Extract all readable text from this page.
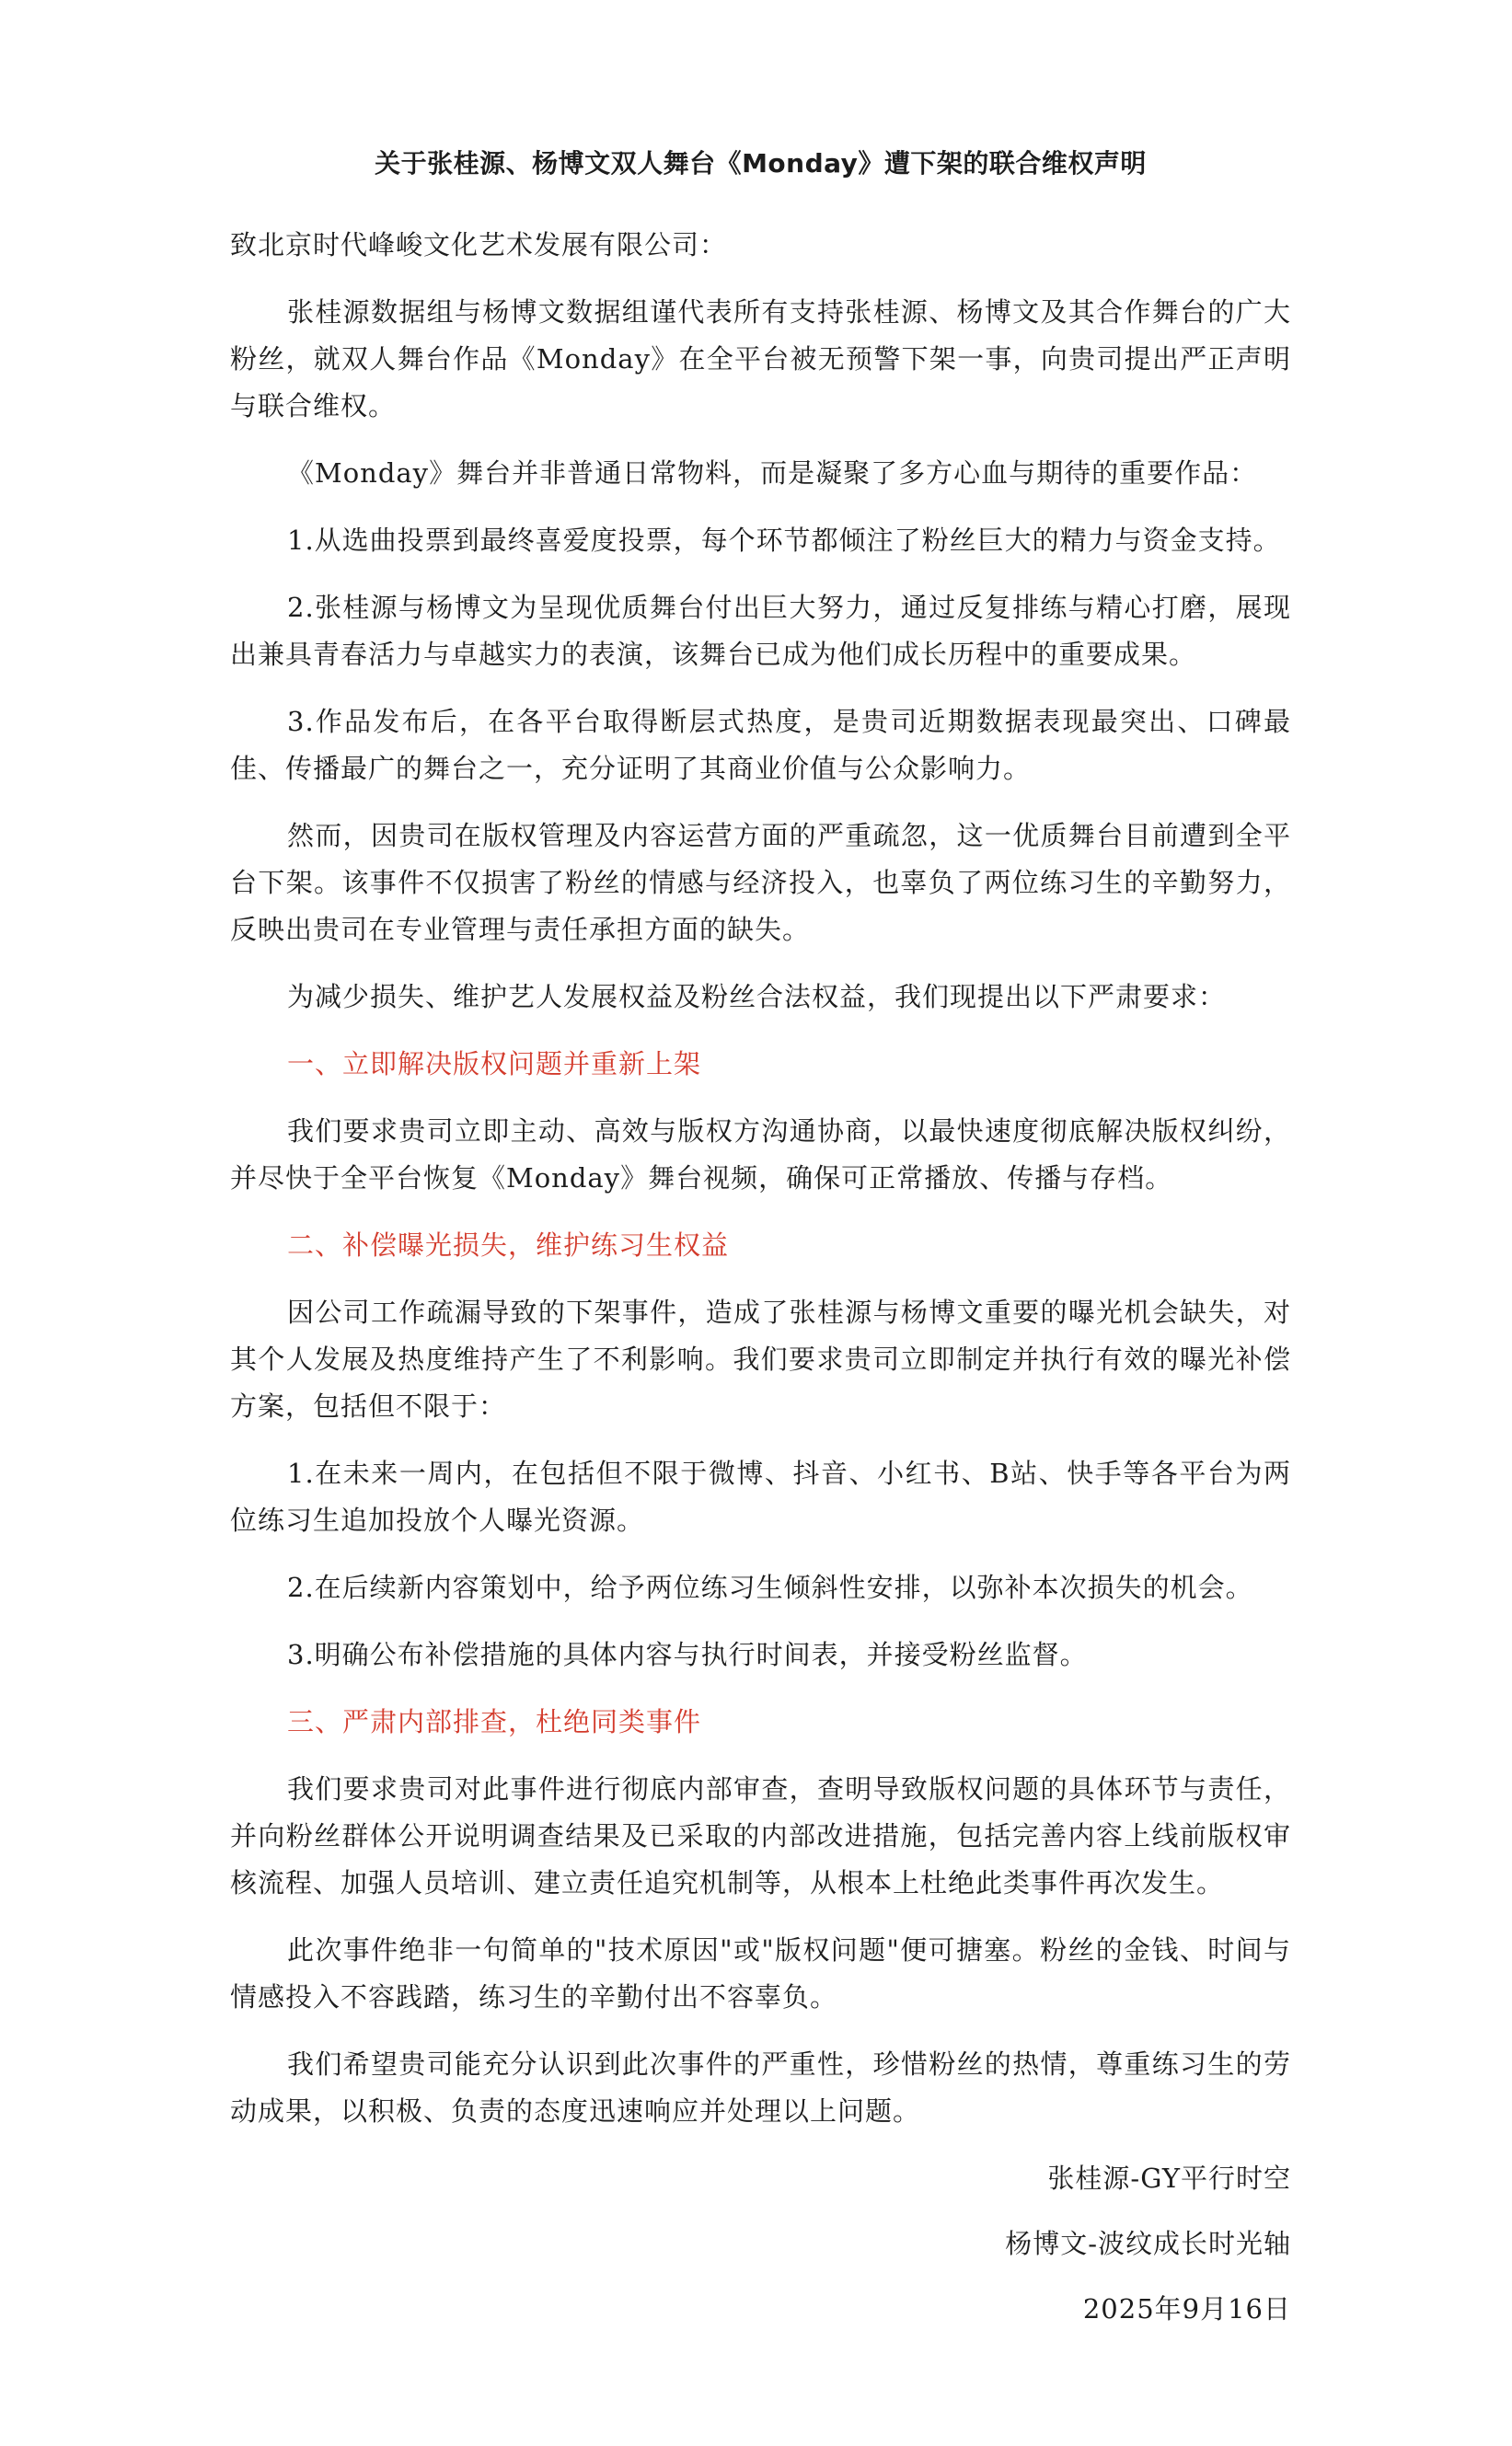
关于张桂源、杨博文双人舞台《Monday》遭下架的联合维权声明
致北京时代峰峻文化艺术发展有限公司：
张桂源数据组与杨博文数据组谨代表所有支持张桂源、杨博文及其合作舞台的广大粉丝，就双人舞台作品《Monday》在全平台被无预警下架一事，向贵司提出严正声明与联合维权。
《Monday》舞台并非普通日常物料，而是凝聚了多方心血与期待的重要作品：
1.从选曲投票到最终喜爱度投票，每个环节都倾注了粉丝巨大的精力与资金支持。
2.张桂源与杨博文为呈现优质舞台付出巨大努力，通过反复排练与精心打磨，展现出兼具青春活力与卓越实力的表演，该舞台已成为他们成长历程中的重要成果。
3.作品发布后，在各平台取得断层式热度，是贵司近期数据表现最突出、口碑最佳、传播最广的舞台之一，充分证明了其商业价值与公众影响力。
然而，因贵司在版权管理及内容运营方面的严重疏忽，这一优质舞台目前遭到全平台下架。该事件不仅损害了粉丝的情感与经济投入，也辜负了两位练习生的辛勤努力，反映出贵司在专业管理与责任承担方面的缺失。
为减少损失、维护艺人发展权益及粉丝合法权益，我们现提出以下严肃要求：
一、立即解决版权问题并重新上架
我们要求贵司立即主动、高效与版权方沟通协商，以最快速度彻底解决版权纠纷，并尽快于全平台恢复《Monday》舞台视频，确保可正常播放、传播与存档。
二、补偿曝光损失，维护练习生权益
因公司工作疏漏导致的下架事件，造成了张桂源与杨博文重要的曝光机会缺失，对其个人发展及热度维持产生了不利影响。我们要求贵司立即制定并执行有效的曝光补偿方案，包括但不限于：
1.在未来一周内，在包括但不限于微博、抖音、小红书、B站、快手等各平台为两位练习生追加投放个人曝光资源。
2.在后续新内容策划中，给予两位练习生倾斜性安排，以弥补本次损失的机会。
3.明确公布补偿措施的具体内容与执行时间表，并接受粉丝监督。
三、严肃内部排查，杜绝同类事件
我们要求贵司对此事件进行彻底内部审查，查明导致版权问题的具体环节与责任，并向粉丝群体公开说明调查结果及已采取的内部改进措施，包括完善内容上线前版权审核流程、加强人员培训、建立责任追究机制等，从根本上杜绝此类事件再次发生。
此次事件绝非一句简单的"技术原因"或"版权问题"便可搪塞。粉丝的金钱、时间与情感投入不容践踏，练习生的辛勤付出不容辜负。
我们希望贵司能充分认识到此次事件的严重性，珍惜粉丝的热情，尊重练习生的劳动成果，以积极、负责的态度迅速响应并处理以上问题。
张桂源-GY平行时空
杨博文-波纹成长时光轴
2025年9月16日
